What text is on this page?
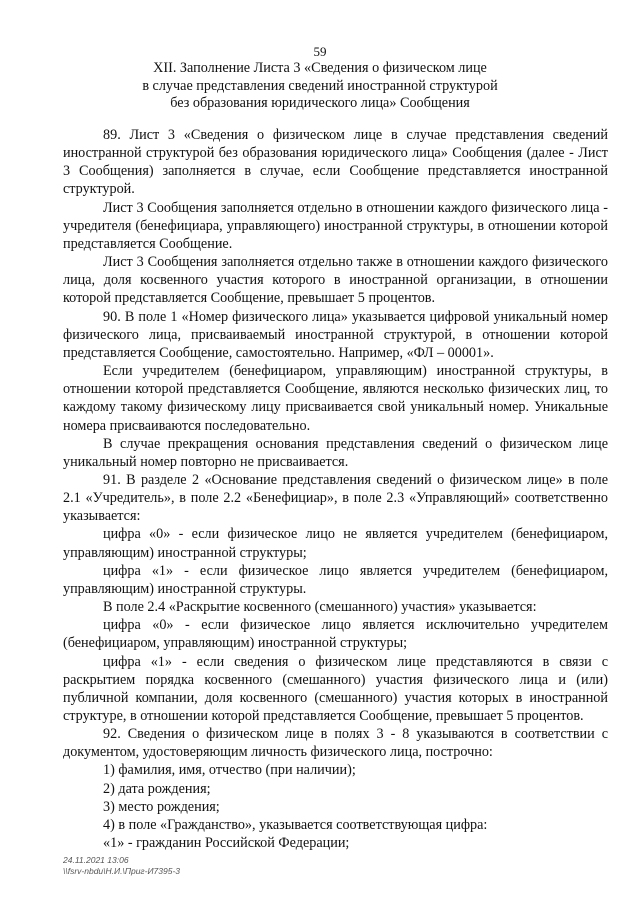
59
XII. Заполнение Листа 3 «Сведения о физическом лице
в случае представления сведений иностранной структурой
без образования юридического лица» Сообщения

89. Лист 3 «Сведения о физическом лице в случае представления сведений иностранной структурой без образования юридического лица» Сообщения (далее - Лист 3 Сообщения) заполняется в случае, если Сообщение представляется иностранной структурой.

Лист 3 Сообщения заполняется отдельно в отношении каждого физического лица - учредителя (бенефициара, управляющего) иностранной структуры, в отношении которой представляется Сообщение.

Лист 3 Сообщения заполняется отдельно также в отношении каждого физического лица, доля косвенного участия которого в иностранной организации, в отношении которой представляется Сообщение, превышает 5 процентов.

90. В поле 1 «Номер физического лица» указывается цифровой уникальный номер физического лица, присваиваемый иностранной структурой, в отношении которой представляется Сообщение, самостоятельно. Например, «ФЛ – 00001».

Если учредителем (бенефициаром, управляющим) иностранной структуры, в отношении которой представляется Сообщение, являются несколько физических лиц, то каждому такому физическому лицу присваивается свой уникальный номер. Уникальные номера присваиваются последовательно.

В случае прекращения основания представления сведений о физическом лице уникальный номер повторно не присваивается.

91. В разделе 2 «Основание представления сведений о физическом лице» в поле 2.1 «Учредитель», в поле 2.2 «Бенефициар», в поле 2.3 «Управляющий» соответственно указывается:

цифра «0» - если физическое лицо не является учредителем (бенефициаром, управляющим) иностранной структуры;

цифра «1» - если физическое лицо является учредителем (бенефициаром, управляющим) иностранной структуры.

В поле 2.4 «Раскрытие косвенного (смешанного) участия» указывается:

цифра «0» - если физическое лицо является исключительно учредителем (бенефициаром, управляющим) иностранной структуры;

цифра «1» - если сведения о физическом лице представляются в связи с раскрытием порядка косвенного (смешанного) участия физического лица и (или) публичной компании, доля косвенного (смешанного) участия которых в иностранной структуре, в отношении которой представляется Сообщение, превышает 5 процентов.

92. Сведения о физическом лице в полях 3 - 8 указываются в соответствии с документом, удостоверяющим личность физического лица, построчно:

1) фамилия, имя, отчество (при наличии);

2) дата рождения;

3) место рождения;

4) в поле «Гражданство», указывается соответствующая цифра:

«1» - гражданин Российской Федерации;

24.11.2021 13:06
\\fsrv-nbdu\Н.И.\Приг-И7395-3
